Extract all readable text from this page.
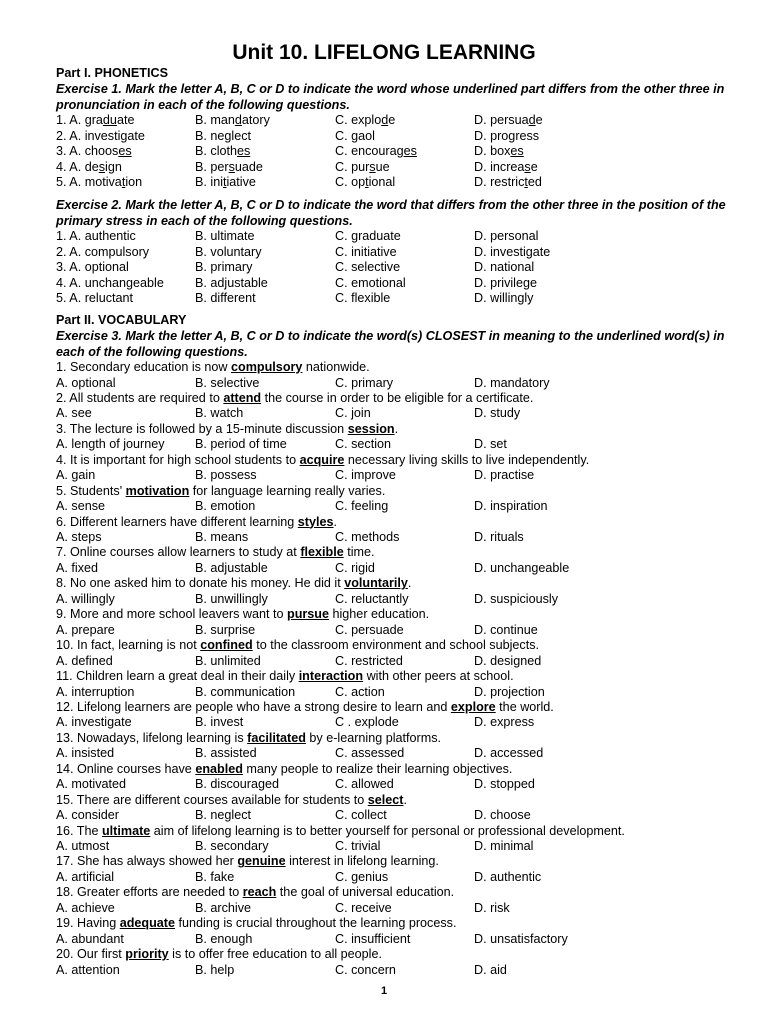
Unit 10. LIFELONG LEARNING
Part I. PHONETICS
Exercise 1. Mark the letter A, B, C or D to indicate the word whose underlined part differs from the other three in pronunciation in each of the following questions.
1. A. graduate	B. mandatory	C. explode	D. persuade
2. A. investigate	B. neglect	C. gaol	D. progress
3. A. chooses	B. clothes	C. encourages	D. boxes
4. A. design	B. persuade	C. pursue	D. increase
5. A. motivation	B. initiative	C. optional	D. restricted
Exercise 2. Mark the letter A, B, C or D to indicate the word that differs from the other three in the position of the primary stress in each of the following questions.
1. A. authentic	B. ultimate	C. graduate	D. personal
2. A. compulsory	B. voluntary	C. initiative	D. investigate
3. A. optional	B. primary	C. selective	D. national
4. A. unchangeable B. adjustable	C. emotional	D. privilege
5. A. reluctant	B. different	C. flexible	D. willingly
Part II. VOCABULARY
Exercise 3. Mark the letter A, B, C or D to indicate the word(s) CLOSEST in meaning to the underlined word(s) in each of the following questions.
1. Secondary education is now compulsory nationwide.
A. optional	B. selective	C. primary	D. mandatory
2. All students are required to attend the course in order to be eligible for a certificate.
A. see	B. watch	C. join	D. study
3. The lecture is followed by a 15-minute discussion session.
A. length of journey B. period of time	C. section	D. set
4. It is important for high school students to acquire necessary living skills to live independently.
A. gain	B. possess	C. improve	D. practise
5. Students' motivation for language learning really varies.
A. sense	B. emotion	C. feeling	D. inspiration
6. Different learners have different learning styles.
A. steps	B. means	C. methods	D. rituals
7. Online courses allow learners to study at flexible time.
A. fixed	B. adjustable	C. rigid	D. unchangeable
8. No one asked him to donate his money. He did it voluntarily.
A. willingly	B. unwillingly	C. reluctantly	D. suspiciously
9. More and more school leavers want to pursue higher education.
A. prepare	B. surprise	C. persuade	D. continue
10. In fact, learning is not confined to the classroom environment and school subjects.
A. defined	B. unlimited	C. restricted	D. designed
11. Children learn a great deal in their daily interaction with other peers at school.
A. interruption	B. communication	C. action	D. projection
12. Lifelong learners are people who have a strong desire to learn and explore the world.
A. investigate	B. invest	C . explode	D. express
13. Nowadays, lifelong learning is facilitated by e-learning platforms.
A. insisted	B. assisted	C. assessed	D. accessed
14. Online courses have enabled many people to realize their learning objectives.
A. motivated	B. discouraged	C. allowed	D. stopped
15. There are different courses available for students to select.
A. consider	B. neglect	C. collect	D. choose
16. The ultimate aim of lifelong learning is to better yourself for personal or professional development.
A. utmost	B. secondary	C. trivial	D. minimal
17. She has always showed her genuine interest in lifelong learning.
A. artificial	B. fake	C. genius	D. authentic
18. Greater efforts are needed to reach the goal of universal education.
A. achieve	B. archive	C. receive	D. risk
19. Having adequate funding is crucial throughout the learning process.
A. abundant	B. enough	C. insufficient	D. unsatisfactory
20. Our first priority is to offer free education to all people.
A. attention	B. help	C. concern	D. aid
1
